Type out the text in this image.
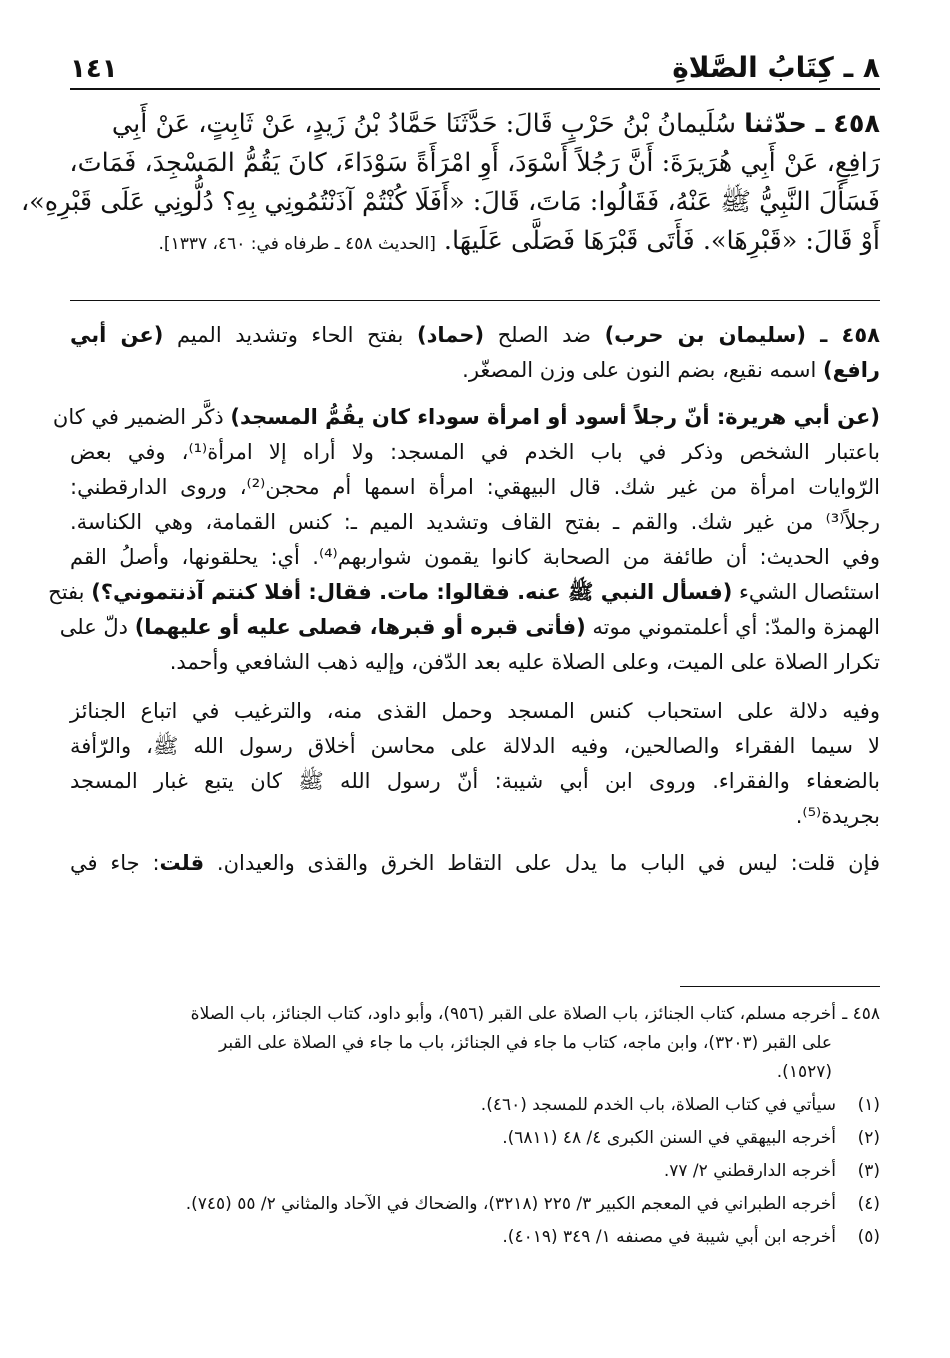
٨ ـ كِتَابُ الصَّلاةِ
١٤١
٤٥٨ ـ حدّثنا سُلَيمانُ بْنُ حَرْبٍ قَالَ: حَدَّثَنَا حَمَّادُ بْنُ زَيدٍ، عَنْ ثَابِتٍ، عَنْ أَبِي
رَافِعٍ، عَنْ أَبِي هُرَيرَةَ: أَنَّ رَجُلاً أَسْوَدَ، أَوِ امْرَأَةً سَوْدَاءَ، كانَ يَقُمُّ المَسْجِدَ، فَمَاتَ،
فَسَأَلَ النَّبِيُّ ﷺ عَنْهُ، فَقَالُوا: مَاتَ، قَالَ: «أَفَلَا كُنْتُمْ آذَنْتُمُونِي بِهِ؟ دُلُّونِي عَلَى قَبْرِهِ»،
أَوْ قَالَ: «قَبْرِهَا». فَأَتَى قَبْرَهَا فَصَلَّى عَلَيهَا. [الحديث ٤٥٨ ـ طرفاه في: ٤٦٠، ١٣٣٧].
٤٥٨ ـ (سليمان بن حرب) ضد الصلح (حماد) بفتح الحاء وتشديد الميم (عن أبي
رافع) اسمه نقيع، بضم النون على وزن المصغّر.
(عن أبي هريرة: أنّ رجلاً أسود أو امرأة سوداء كان يقُمُّ المسجد) ذكَّر الضمير في كان
باعتبار الشخص وذكر في باب الخدم في المسجد: ولا أراه إلا امرأة⁽¹⁾، وفي بعض
الرّوايات امرأة من غير شك. قال البيهقي: امرأة اسمها أم محجن⁽²⁾، وروى الدارقطني:
رجلاً⁽³⁾ من غير شك. والقم ـ بفتح القاف وتشديد الميم ـ: كنس القمامة، وهي الكناسة.
وفي الحديث: أن طائفة من الصحابة كانوا يقمون شواربهم⁽⁴⁾. أي: يحلقونها، وأصلُ القم
استئصال الشيء (فسأل النبي ﷺ عنه. فقالوا: مات. فقال: أفلا كنتم آذنتموني؟) بفتح
الهمزة والمدّ: أي أعلمتموني موته (فأتى قبره أو قبرها، فصلى عليه أو عليهما) دلّ على
تكرار الصلاة على الميت، وعلى الصلاة عليه بعد الدّفن، وإليه ذهب الشافعي وأحمد.
وفيه دلالة على استحباب كنس المسجد وحمل القذى منه، والترغيب في اتباع الجنائز
لا سيما الفقراء والصالحين، وفيه الدلالة على محاسن أخلاق رسول الله ﷺ، والرّأفة
بالضعفاء والفقراء. وروى ابن أبي شيبة: أنّ رسول الله ﷺ كان يتبع غبار المسجد
بجريدة⁽⁵⁾.
فإن قلت: ليس في الباب ما يدل على التقاط الخرق والقذى والعيدان. قلت: جاء في
٤٥٨ ـأخرجه مسلم، كتاب الجنائز، باب الصلاة على القبر (٩٥٦)، وأبو داود، كتاب الجنائز، باب الصلاة
على القبر (٣٢٠٣)، وابن ماجه، كتاب ما جاء في الجنائز، باب ما جاء في الصلاة على القبر
(١٥٢٧).
(١)سيأتي في كتاب الصلاة، باب الخدم للمسجد (٤٦٠).
(٢)أخرجه البيهقي في السنن الكبرى ٤/ ٤٨ (٦٨١١).
(٣)أخرجه الدارقطني ٢/ ٧٧.
(٤)أخرجه الطبراني في المعجم الكبير ٣/ ٢٢٥ (٣٢١٨)، والضحاك في الآحاد والمثاني ٢/ ٥٥ (٧٤٥).
(٥)أخرجه ابن أبي شيبة في مصنفه ١/ ٣٤٩ (٤٠١٩).
